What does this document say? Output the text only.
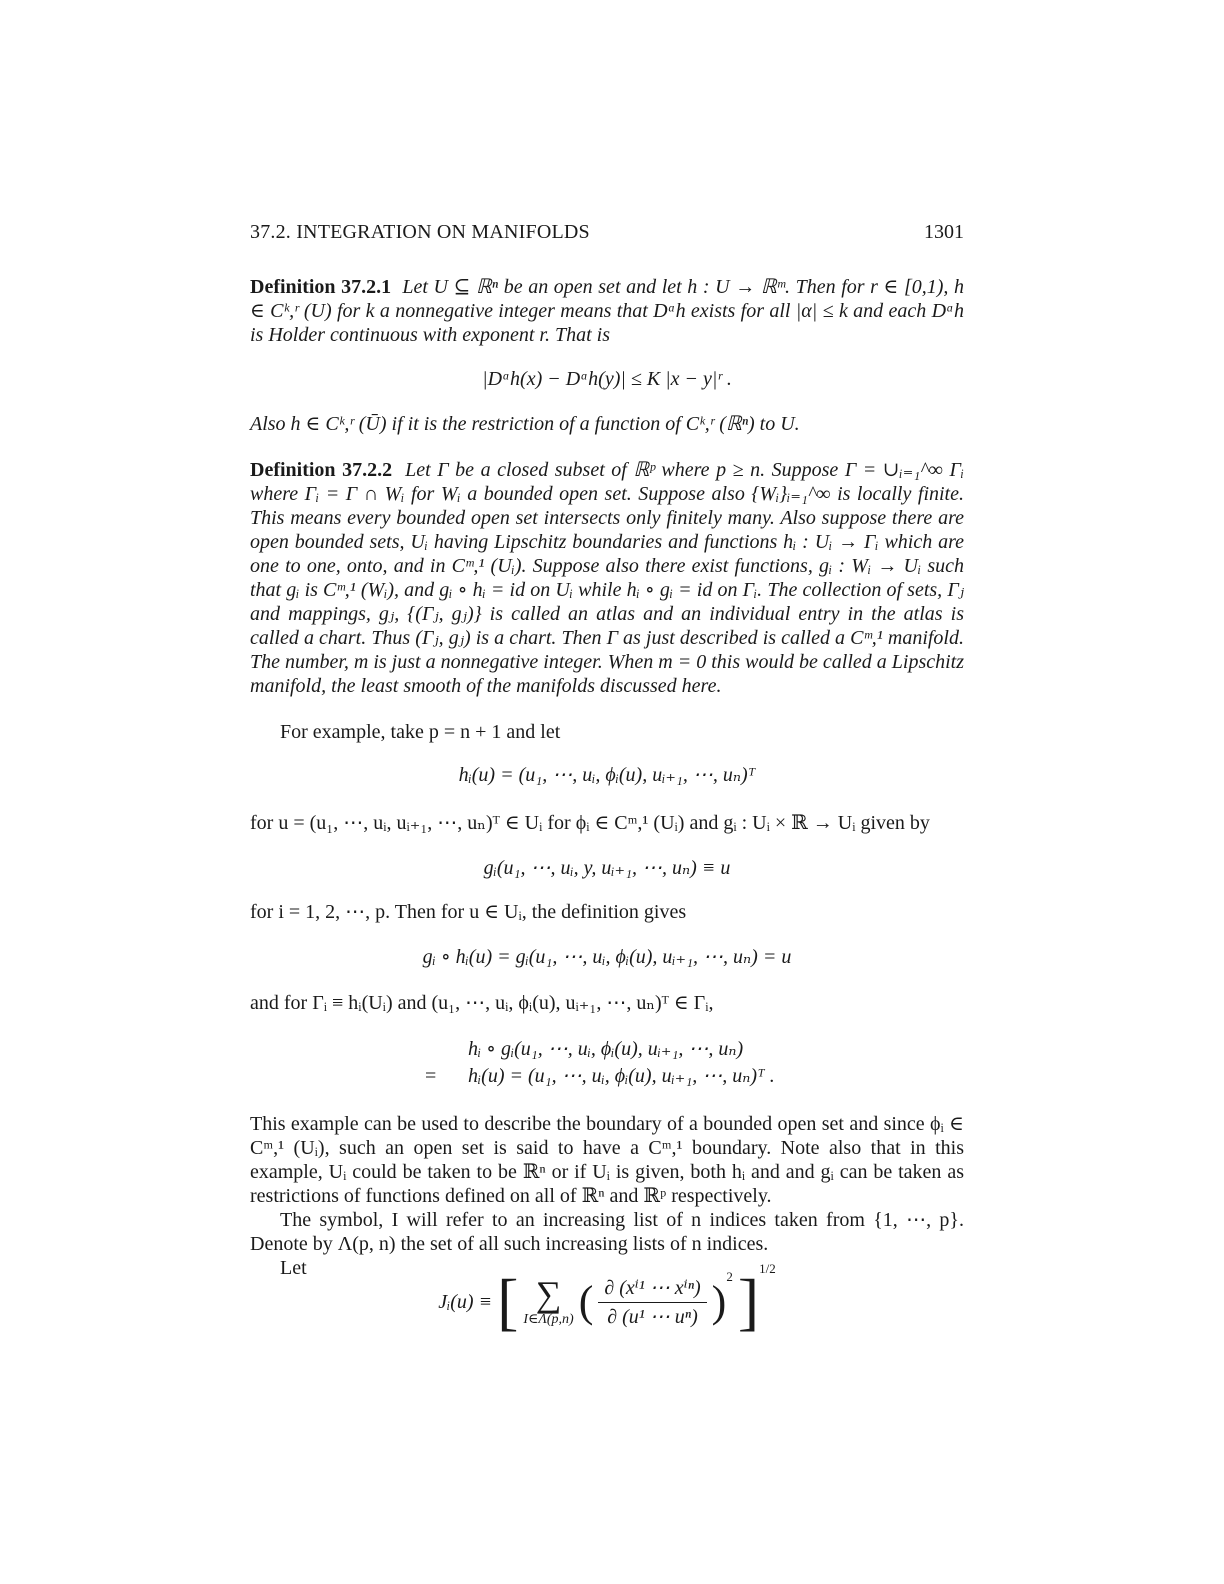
37.2. INTEGRATION ON MANIFOLDS	1301

Definition 37.2.1 Let U ⊆ ℝⁿ be an open set and let h : U → ℝᵐ. Then for r ∈ [0,1), h ∈ Cᵏ,ʳ (U) for k a nonnegative integer means that Dᵅh exists for all |α| ≤ k and each Dᵅh is Holder continuous with exponent r. That is

|Dᵅh(x) − Dᵅh(y)| ≤ K |x − y|ʳ .

Also h ∈ Cᵏ,ʳ (Ū) if it is the restriction of a function of Cᵏ,ʳ (ℝⁿ) to U.

Definition 37.2.2 Let Γ be a closed subset of ℝᵖ where p ≥ n. Suppose Γ = ∪ᵢ₌₁^∞ Γᵢ where Γᵢ = Γ ∩ Wᵢ for Wᵢ a bounded open set. Suppose also {Wᵢ}ᵢ₌₁^∞ is locally finite. This means every bounded open set intersects only finitely many. Also suppose there are open bounded sets, Uᵢ having Lipschitz boundaries and functions hᵢ : Uᵢ → Γᵢ which are one to one, onto, and in Cᵐ,¹ (Uᵢ). Suppose also there exist functions, gᵢ : Wᵢ → Uᵢ such that gᵢ is Cᵐ,¹ (Wᵢ), and gᵢ ∘ hᵢ = id on Uᵢ while hᵢ ∘ gᵢ = id on Γᵢ. The collection of sets, Γⱼ and mappings, gⱼ, {(Γⱼ, gⱼ)} is called an atlas and an individual entry in the atlas is called a chart. Thus (Γⱼ, gⱼ) is a chart. Then Γ as just described is called a Cᵐ,¹ manifold. The number, m is just a nonnegative integer. When m = 0 this would be called a Lipschitz manifold, the least smooth of the manifolds discussed here.

For example, take p = n + 1 and let

hᵢ(u) = (u₁, ⋯, uᵢ, ϕᵢ(u), uᵢ₊₁, ⋯, uₙ)ᵀ

for u = (u₁, ⋯, uᵢ, uᵢ₊₁, ⋯, uₙ)ᵀ ∈ Uᵢ for ϕᵢ ∈ Cᵐ,¹ (Uᵢ) and gᵢ : Uᵢ × ℝ → Uᵢ given by

gᵢ(u₁, ⋯, uᵢ, y, uᵢ₊₁, ⋯, uₙ) ≡ u

for i = 1, 2, ⋯, p. Then for u ∈ Uᵢ, the definition gives

gᵢ ∘ hᵢ(u) = gᵢ(u₁, ⋯, uᵢ, ϕᵢ(u), uᵢ₊₁, ⋯, uₙ) = u

and for Γᵢ ≡ hᵢ(Uᵢ) and (u₁, ⋯, uᵢ, ϕᵢ(u), uᵢ₊₁, ⋯, uₙ)ᵀ ∈ Γᵢ,

hᵢ ∘ gᵢ(u₁, ⋯, uᵢ, ϕᵢ(u), uᵢ₊₁, ⋯, uₙ)
= hᵢ(u) = (u₁, ⋯, uᵢ, ϕᵢ(u), uᵢ₊₁, ⋯, uₙ)ᵀ .

This example can be used to describe the boundary of a bounded open set and since ϕᵢ ∈ Cᵐ,¹ (Uᵢ), such an open set is said to have a Cᵐ,¹ boundary. Note also that in this example, Uᵢ could be taken to be ℝⁿ or if Uᵢ is given, both hᵢ and and gᵢ can be taken as restrictions of functions defined on all of ℝⁿ and ℝᵖ respectively.

The symbol, I will refer to an increasing list of n indices taken from {1, ⋯, p}. Denote by Λ(p, n) the set of all such increasing lists of n indices.

Let

Jᵢ(u) ≡ [ ∑
I∈Λ(p,n) ( $\frac{\text{∂ (xⁱ¹ ⋯ xⁱⁿ)}}{\text{∂ (u¹ ⋯ uⁿ)}} )^2$ ]$^{1/2}$
